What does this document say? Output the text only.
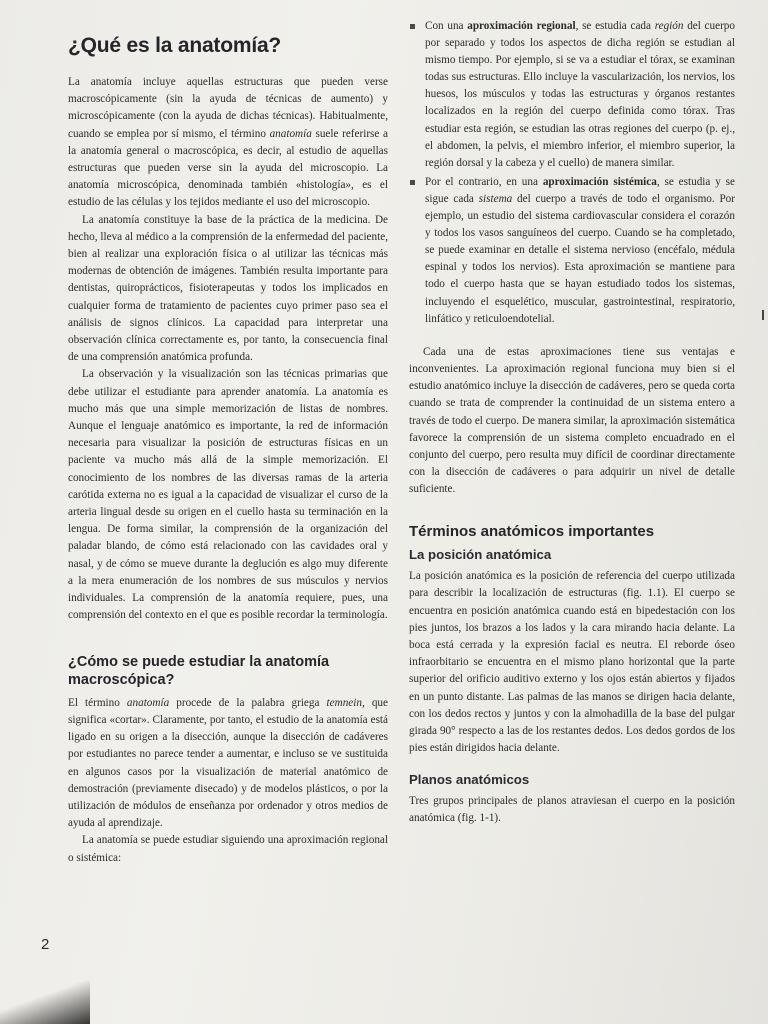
¿Qué es la anatomía?

La anatomía incluye aquellas estructuras que pueden verse macroscópicamente (sin la ayuda de técnicas de aumento) y microscópicamente (con la ayuda de dichas técnicas). Habitualmente, cuando se emplea por sí mismo, el término anatomía suele referirse a la anatomía general o macroscópica, es decir, al estudio de aquellas estructuras que pueden verse sin la ayuda del microscopio. La anatomía microscópica, denominada también «histología», es el estudio de las células y los tejidos mediante el uso del microscopio.

La anatomía constituye la base de la práctica de la medicina. De hecho, lleva al médico a la comprensión de la enfermedad del paciente, bien al realizar una exploración física o al utilizar las técnicas más modernas de obtención de imágenes. También resulta importante para dentistas, quiroprácticos, fisioterapeutas y todos los implicados en cualquier forma de tratamiento de pacientes cuyo primer paso sea el análisis de signos clínicos. La capacidad para interpretar una observación clínica correctamente es, por tanto, la consecuencia final de una comprensión anatómica profunda.

La observación y la visualización son las técnicas primarias que debe utilizar el estudiante para aprender anatomía. La anatomía es mucho más que una simple memorización de listas de nombres. Aunque el lenguaje anatómico es importante, la red de información necesaria para visualizar la posición de estructuras físicas en un paciente va mucho más allá de la simple memorización. El conocimiento de los nombres de las diversas ramas de la arteria carótida externa no es igual a la capacidad de visualizar el curso de la arteria lingual desde su origen en el cuello hasta su terminación en la lengua. De forma similar, la comprensión de la organización del paladar blando, de cómo está relacionado con las cavidades oral y nasal, y de cómo se mueve durante la deglución es algo muy diferente a la mera enumeración de los nombres de sus músculos y nervios individuales. La comprensión de la anatomía requiere, pues, una comprensión del contexto en el que es posible recordar la terminología.

¿Cómo se puede estudiar la anatomía macroscópica?

El término anatomía procede de la palabra griega temnein, que significa «cortar». Claramente, por tanto, el estudio de la anatomía está ligado en su origen a la disección, aunque la disección de cadáveres por estudiantes no parece tender a aumentar, e incluso se ve sustituida en algunos casos por la visualización de material anatómico de demostración (previamente disecado) y de modelos plásticos, o por la utilización de módulos de enseñanza por ordenador y otros medios de ayuda al aprendizaje.

La anatomía se puede estudiar siguiendo una aproximación regional o sistémica:

Con una aproximación regional, se estudia cada región del cuerpo por separado y todos los aspectos de dicha región se estudian al mismo tiempo. Por ejemplo, si se va a estudiar el tórax, se examinan todas sus estructuras. Ello incluye la vascularización, los nervios, los huesos, los músculos y todas las estructuras y órganos restantes localizados en la región del cuerpo definida como tórax. Tras estudiar esta región, se estudian las otras regiones del cuerpo (p. ej., el abdomen, la pelvis, el miembro inferior, el miembro superior, la región dorsal y la cabeza y el cuello) de manera similar.
Por el contrario, en una aproximación sistémica, se estudia y se sigue cada sistema del cuerpo a través de todo el organismo. Por ejemplo, un estudio del sistema cardiovascular considera el corazón y todos los vasos sanguíneos del cuerpo. Cuando se ha completado, se puede examinar en detalle el sistema nervioso (encéfalo, médula espinal y todos los nervios). Esta aproximación se mantiene para todo el cuerpo hasta que se hayan estudiado todos los sistemas, incluyendo el esquelético, muscular, gastrointestinal, respiratorio, linfático y reticuloendotelial.

Cada una de estas aproximaciones tiene sus ventajas e inconvenientes. La aproximación regional funciona muy bien si el estudio anatómico incluye la disección de cadáveres, pero se queda corta cuando se trata de comprender la continuidad de un sistema entero a través de todo el cuerpo. De manera similar, la aproximación sistemática favorece la comprensión de un sistema completo encuadrado en el conjunto del cuerpo, pero resulta muy difícil de coordinar directamente con la disección de cadáveres o para adquirir un nivel de detalle suficiente.

Términos anatómicos importantes
La posición anatómica

La posición anatómica es la posición de referencia del cuerpo utilizada para describir la localización de estructuras (fig. 1.1). El cuerpo se encuentra en posición anatómica cuando está en bipedestación con los pies juntos, los brazos a los lados y la cara mirando hacia delante. La boca está cerrada y la expresión facial es neutra. El reborde óseo infraorbitario se encuentra en el mismo plano horizontal que la parte superior del orificio auditivo externo y los ojos están abiertos y fijados en un punto distante. Las palmas de las manos se dirigen hacia delante, con los dedos rectos y juntos y con la almohadilla de la base del pulgar girada 90° respecto a las de los restantes dedos. Los dedos gordos de los pies están dirigidos hacia delante.

Planos anatómicos

Tres grupos principales de planos atraviesan el cuerpo en la posición anatómica (fig. 1-1).

2
